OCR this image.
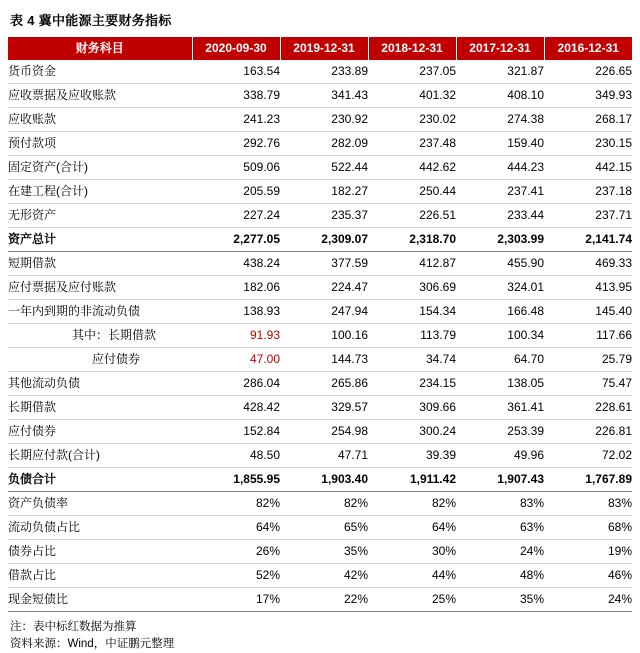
表 4 冀中能源主要财务指标
财务科目	2020-09-30	2019-12-31	2018-12-31	2017-12-31	2016-12-31
货币资金	163.54	233.89	237.05	321.87	226.65
应收票据及应收账款	338.79	341.43	401.32	408.10	349.93
应收账款	241.23	230.92	230.02	274.38	268.17
预付款项	292.76	282.09	237.48	159.40	230.15
固定资产(合计)	509.06	522.44	442.62	444.23	442.15
在建工程(合计)	205.59	182.27	250.44	237.41	237.18
无形资产	227.24	235.37	226.51	233.44	237.71
资产总计	2,277.05	2,309.07	2,318.70	2,303.99	2,141.74
短期借款	438.24	377.59	412.87	455.90	469.33
应付票据及应付账款	182.06	224.47	306.69	324.01	413.95
一年内到期的非流动负债	138.93	247.94	154.34	166.48	145.40
其中：长期借款	91.93	100.16	113.79	100.34	117.66
应付债券	47.00	144.73	34.74	64.70	25.79
其他流动负债	286.04	265.86	234.15	138.05	75.47
长期借款	428.42	329.57	309.66	361.41	228.61
应付债券	152.84	254.98	300.24	253.39	226.81
长期应付款(合计)	48.50	47.71	39.39	49.96	72.02
负债合计	1,855.95	1,903.40	1,911.42	1,907.43	1,767.89
资产负债率	82%	82%	82%	83%	83%
流动负债占比	64%	65%	64%	63%	68%
债券占比	26%	35%	30%	24%	19%
借款占比	52%	42%	44%	48%	46%
现金短债比	17%	22%	25%	35%	24%
注：表中标红数据为推算
资料来源：Wind，中证鹏元整理
